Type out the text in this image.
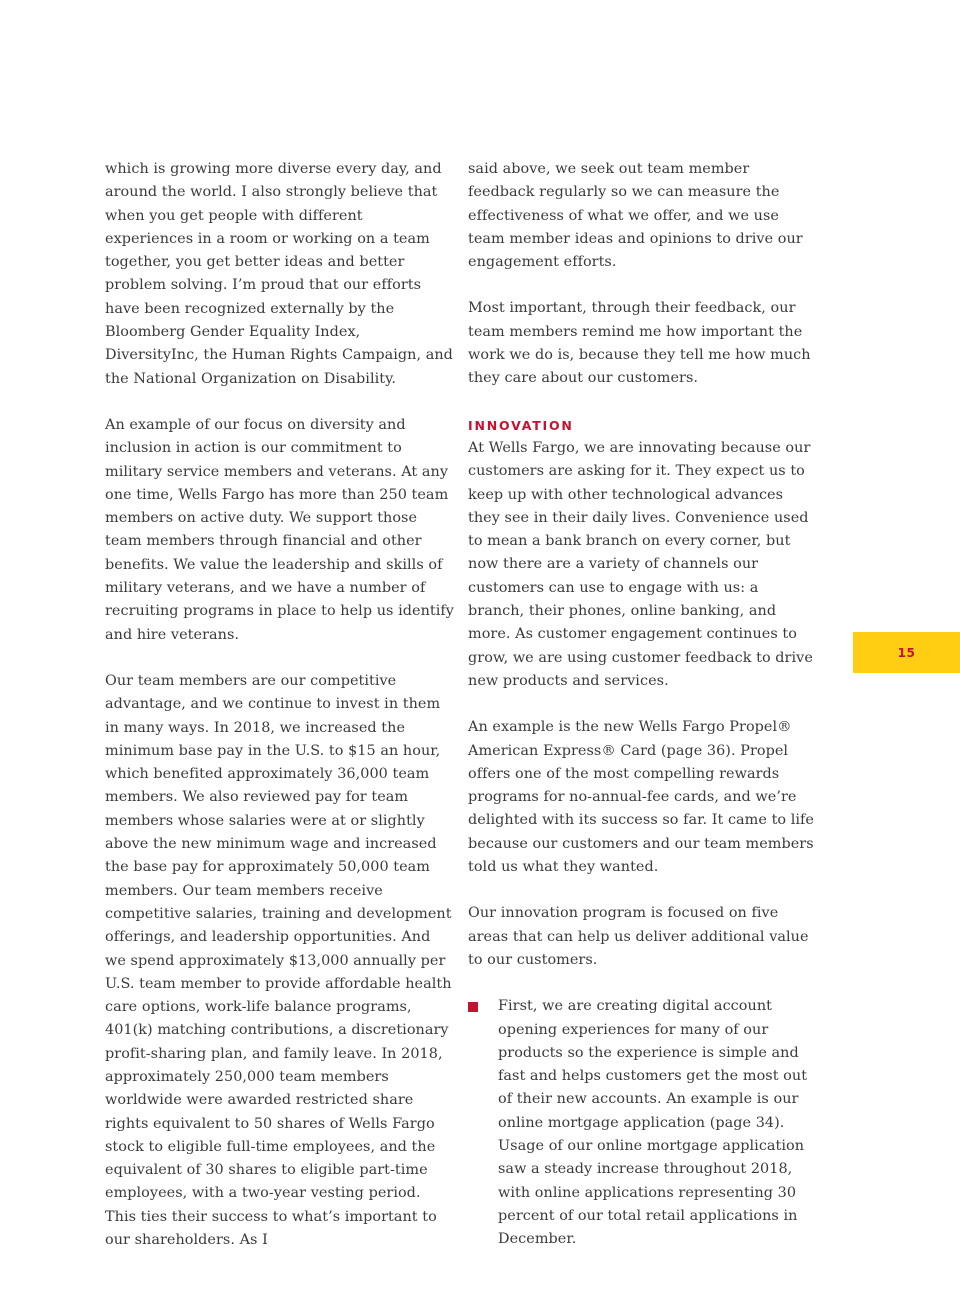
which is growing more diverse every day, and around the world. I also strongly believe that when you get people with different experiences in a room or working on a team together, you get better ideas and better problem solving. I’m proud that our efforts have been recognized externally by the Bloomberg Gender Equality Index, DiversityInc, the Human Rights Campaign, and the National Organization on Disability.

An example of our focus on diversity and inclusion in action is our commitment to military service members and veterans. At any one time, Wells Fargo has more than 250 team members on active duty. We support those team members through financial and other benefits. We value the leadership and skills of military veterans, and we have a number of recruiting programs in place to help us identify and hire veterans.

Our team members are our competitive advantage, and we continue to invest in them in many ways. In 2018, we increased the minimum base pay in the U.S. to $15 an hour, which benefited approximately 36,000 team members. We also reviewed pay for team members whose salaries were at or slightly above the new minimum wage and increased the base pay for approximately 50,000 team members. Our team members receive competitive salaries, training and development offerings, and leadership opportunities. And we spend approximately $13,000 annually per U.S. team member to provide affordable health care options, work-life balance programs, 401(k) matching contributions, a discretionary profit-sharing plan, and family leave. In 2018, approximately 250,000 team members worldwide were awarded restricted share rights equivalent to 50 shares of Wells Fargo stock to eligible full-time employees, and the equivalent of 30 shares to eligible part-time employees, with a two-year vesting period. This ties their success to what’s important to our shareholders. As I

said above, we seek out team member feedback regularly so we can measure the effectiveness of what we offer, and we use team member ideas and opinions to drive our engagement efforts.

Most important, through their feedback, our team members remind me how important the work we do is, because they tell me how much they care about our customers.

INNOVATION

At Wells Fargo, we are innovating because our customers are asking for it. They expect us to keep up with other technological advances they see in their daily lives. Convenience used to mean a bank branch on every corner, but now there are a variety of channels our customers can use to engage with us: a branch, their phones, online banking, and more. As customer engagement continues to grow, we are using customer feedback to drive new products and services.

An example is the new Wells Fargo Propel® American Express® Card (page 36). Propel offers one of the most compelling rewards programs for no-annual-fee cards, and we’re delighted with its success so far. It came to life because our customers and our team members told us what they wanted.

Our innovation program is focused on five areas that can help us deliver additional value to our customers.

First, we are creating digital account opening experiences for many of our products so the experience is simple and fast and helps customers get the most out of their new accounts. An example is our online mortgage application (page 34). Usage of our online mortgage application saw a steady increase throughout 2018, with online applications representing 30 percent of our total retail applications in December.
15
